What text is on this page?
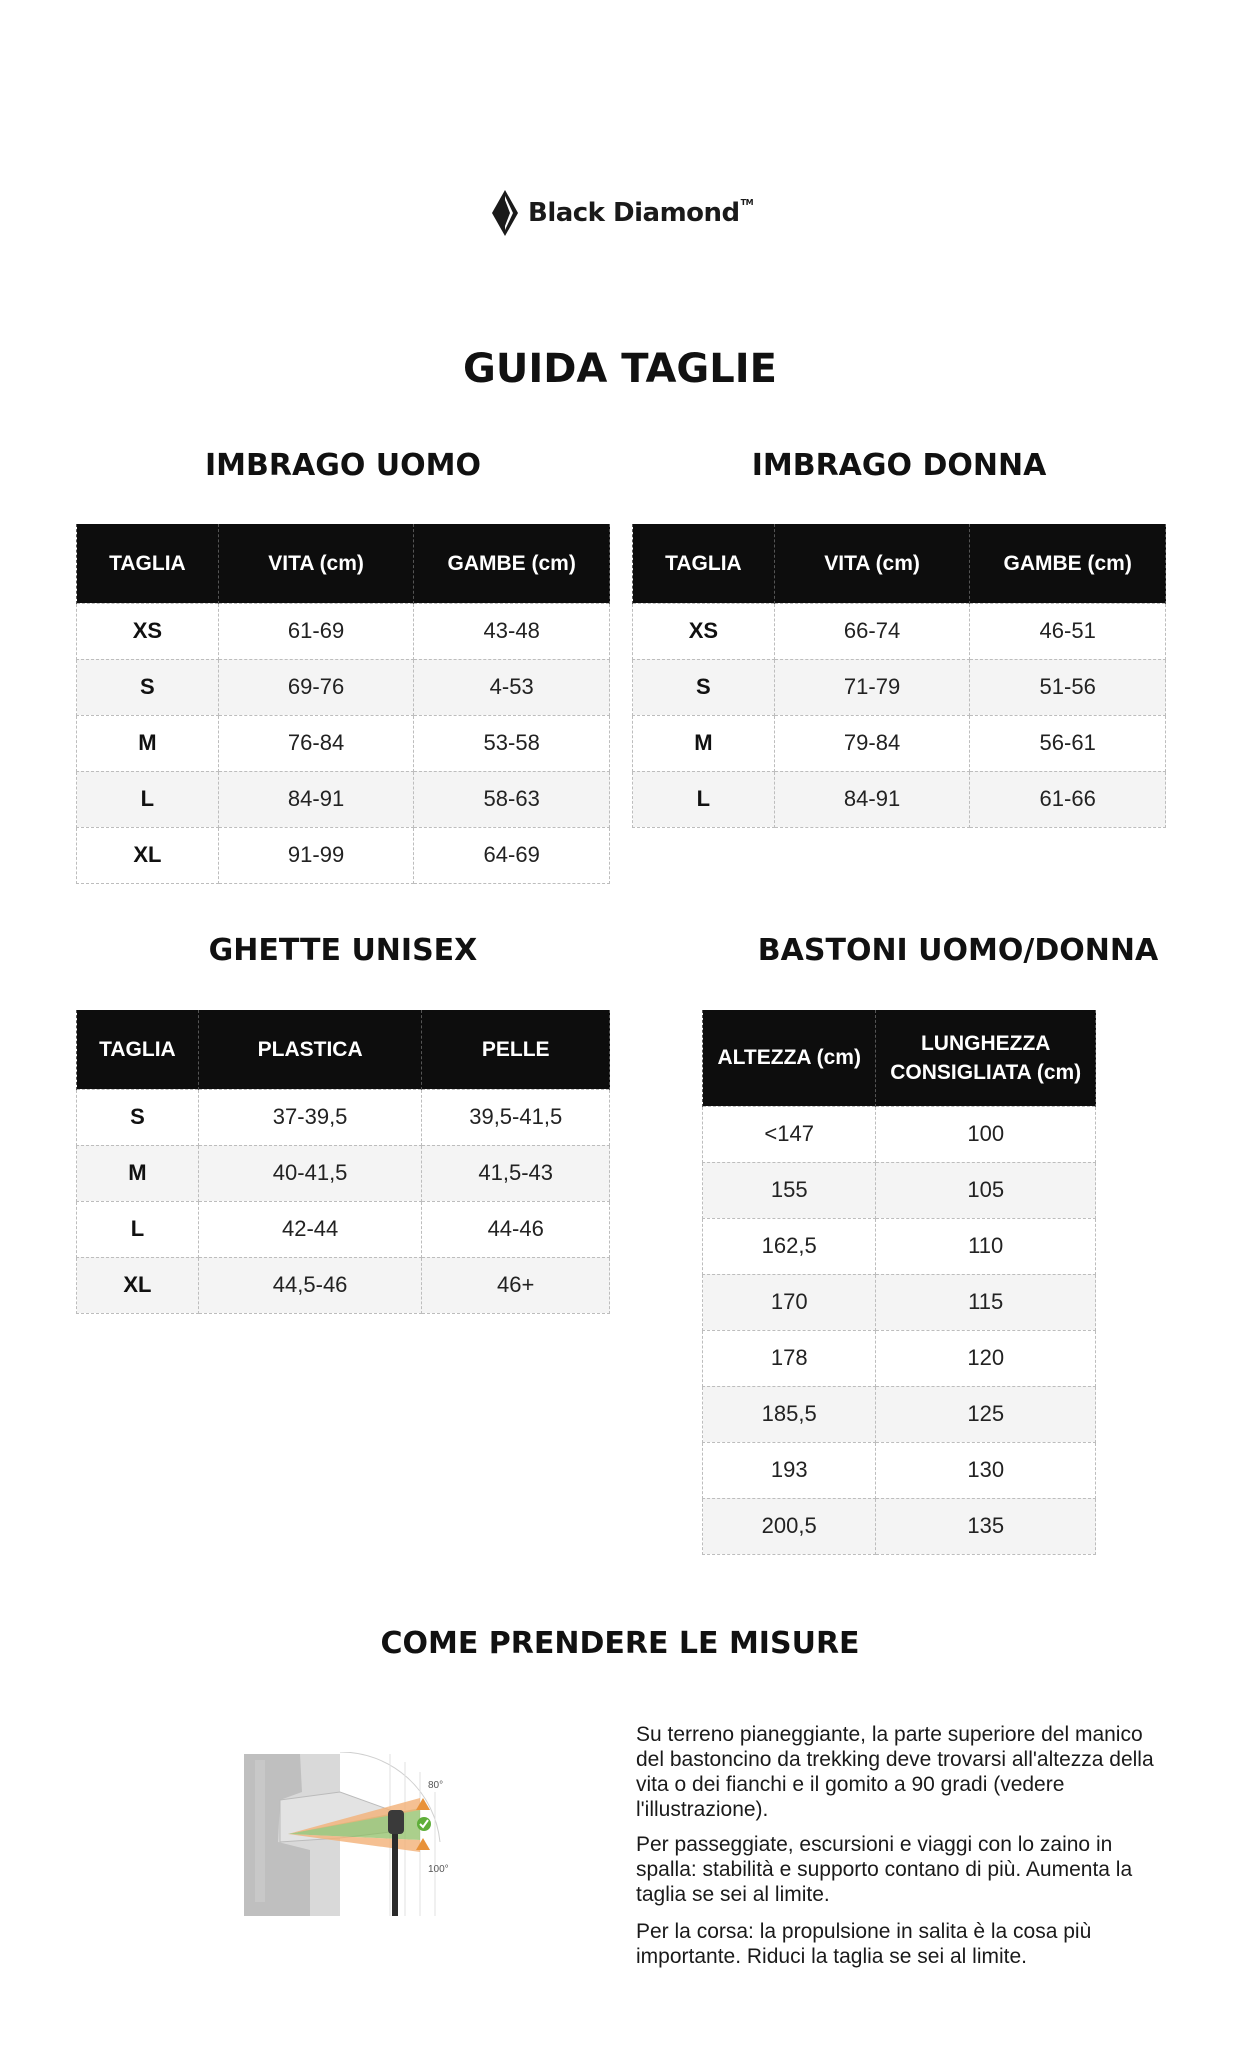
Black Diamond™
GUIDA TAGLIE
IMBRAGO UOMO	IMBRAGO DONNA
GHETTE UNISEX	BASTONI UOMO/DONNA
TAGLIA	VITA (cm)	GAMBE (cm)
XS	61-69	43-48
S	69-76	4-53
M	76-84	53-58
L	84-91	58-63
XL	91-99	64-69
TAGLIA	VITA (cm)	GAMBE (cm)
XS	66-74	46-51
S	71-79	51-56
M	79-84	56-61
L	84-91	61-66
TAGLIA	PLASTICA	PELLE
S	37-39,5	39,5-41,5
M	40-41,5	41,5-43
L	42-44	44-46
XL	44,5-46	46+
ALTEZZA (cm)	LUNGHEZZA CONSIGLIATA (cm)
<147	100
155	105
162,5	110
170	115
178	120
185,5	125
193	130
200,5	135
COME PRENDERE LE MISURE
80°
100°

Su terreno pianeggiante, la parte superiore del manico del bastoncino da trekking deve trovarsi all'altezza della vita o dei fianchi e il gomito a 90 gradi (vedere l'illustrazione).

Per passeggiate, escursioni e viaggi con lo zaino in spalla: stabilità e supporto contano di più. Aumenta la taglia se sei al limite.

Per la corsa: la propulsione in salita è la cosa più importante. Riduci la taglia se sei al limite.
